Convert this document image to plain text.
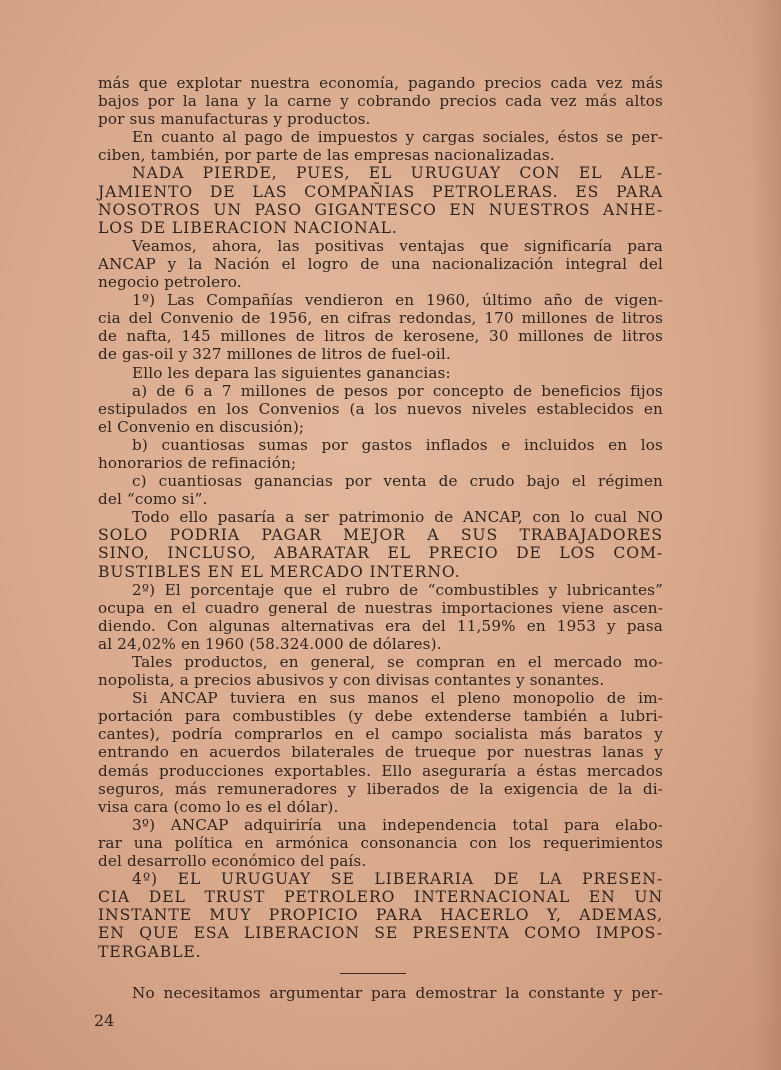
más que explotar nuestra economía, pagando precios cada vez más
bajos por la lana y la carne y cobrando precios cada vez más altos
por sus manufacturas y productos.
En cuanto al pago de impuestos y cargas sociales, éstos se per-
ciben, también, por parte de las empresas nacionalizadas.
NADA PIERDE, PUES, EL URUGUAY CON EL ALE-
JAMIENTO DE LAS COMPAÑIAS PETROLERAS. ES PARA
NOSOTROS UN PASO GIGANTESCO EN NUESTROS ANHE-
LOS DE LIBERACION NACIONAL.
Veamos, ahora, las positivas ventajas que significaría para
ANCAP y la Nación el logro de una nacionalización integral del
negocio petrolero.
1º) Las Compañías vendieron en 1960, último año de vigen-
cia del Convenio de 1956, en cifras redondas, 170 millones de litros
de nafta, 145 millones de litros de kerosene, 30 millones de litros
de gas-oil y 327 millones de litros de fuel-oil.
Ello les depara las siguientes ganancias:
a) de 6 a 7 millones de pesos por concepto de beneficios fijos
estipulados en los Convenios (a los nuevos niveles establecidos en
el Convenio en discusión);
b) cuantiosas sumas por gastos inflados e incluidos en los
honorarios de refinación;
c) cuantiosas ganancias por venta de crudo bajo el régimen
del “como si”.
Todo ello pasaría a ser patrimonio de ANCAP, con lo cual NO
SOLO PODRIA PAGAR MEJOR A SUS TRABAJADORES
SINO, INCLUSO, ABARATAR EL PRECIO DE LOS COM-
BUSTIBLES EN EL MERCADO INTERNO.
2º) El porcentaje que el rubro de “combustibles y lubricantes”
ocupa en el cuadro general de nuestras importaciones viene ascen-
diendo. Con algunas alternativas era del 11,59% en 1953 y pasa
al 24,02% en 1960 (58.324.000 de dólares).
Tales productos, en general, se compran en el mercado mo-
nopolista, a precios abusivos y con divisas contantes y sonantes.
Si ANCAP tuviera en sus manos el pleno monopolio de im-
portación para combustibles (y debe extenderse también a lubri-
cantes), podría comprarlos en el campo socialista más baratos y
entrando en acuerdos bilaterales de trueque por nuestras lanas y
demás producciones exportables. Ello aseguraría a éstas mercados
seguros, más remuneradores y liberados de la exigencia de la di-
visa cara (como lo es el dólar).
3º) ANCAP adquiriría una independencia total para elabo-
rar una política en armónica consonancia con los requerimientos
del desarrollo económico del país.
4º) EL URUGUAY SE LIBERARIA DE LA PRESEN-
CIA DEL TRUST PETROLERO INTERNACIONAL EN UN
INSTANTE MUY PROPICIO PARA HACERLO Y, ADEMAS,
EN QUE ESA LIBERACION SE PRESENTA COMO IMPOS-
TERGABLE.
No necesitamos argumentar para demostrar la constante y per-
24
